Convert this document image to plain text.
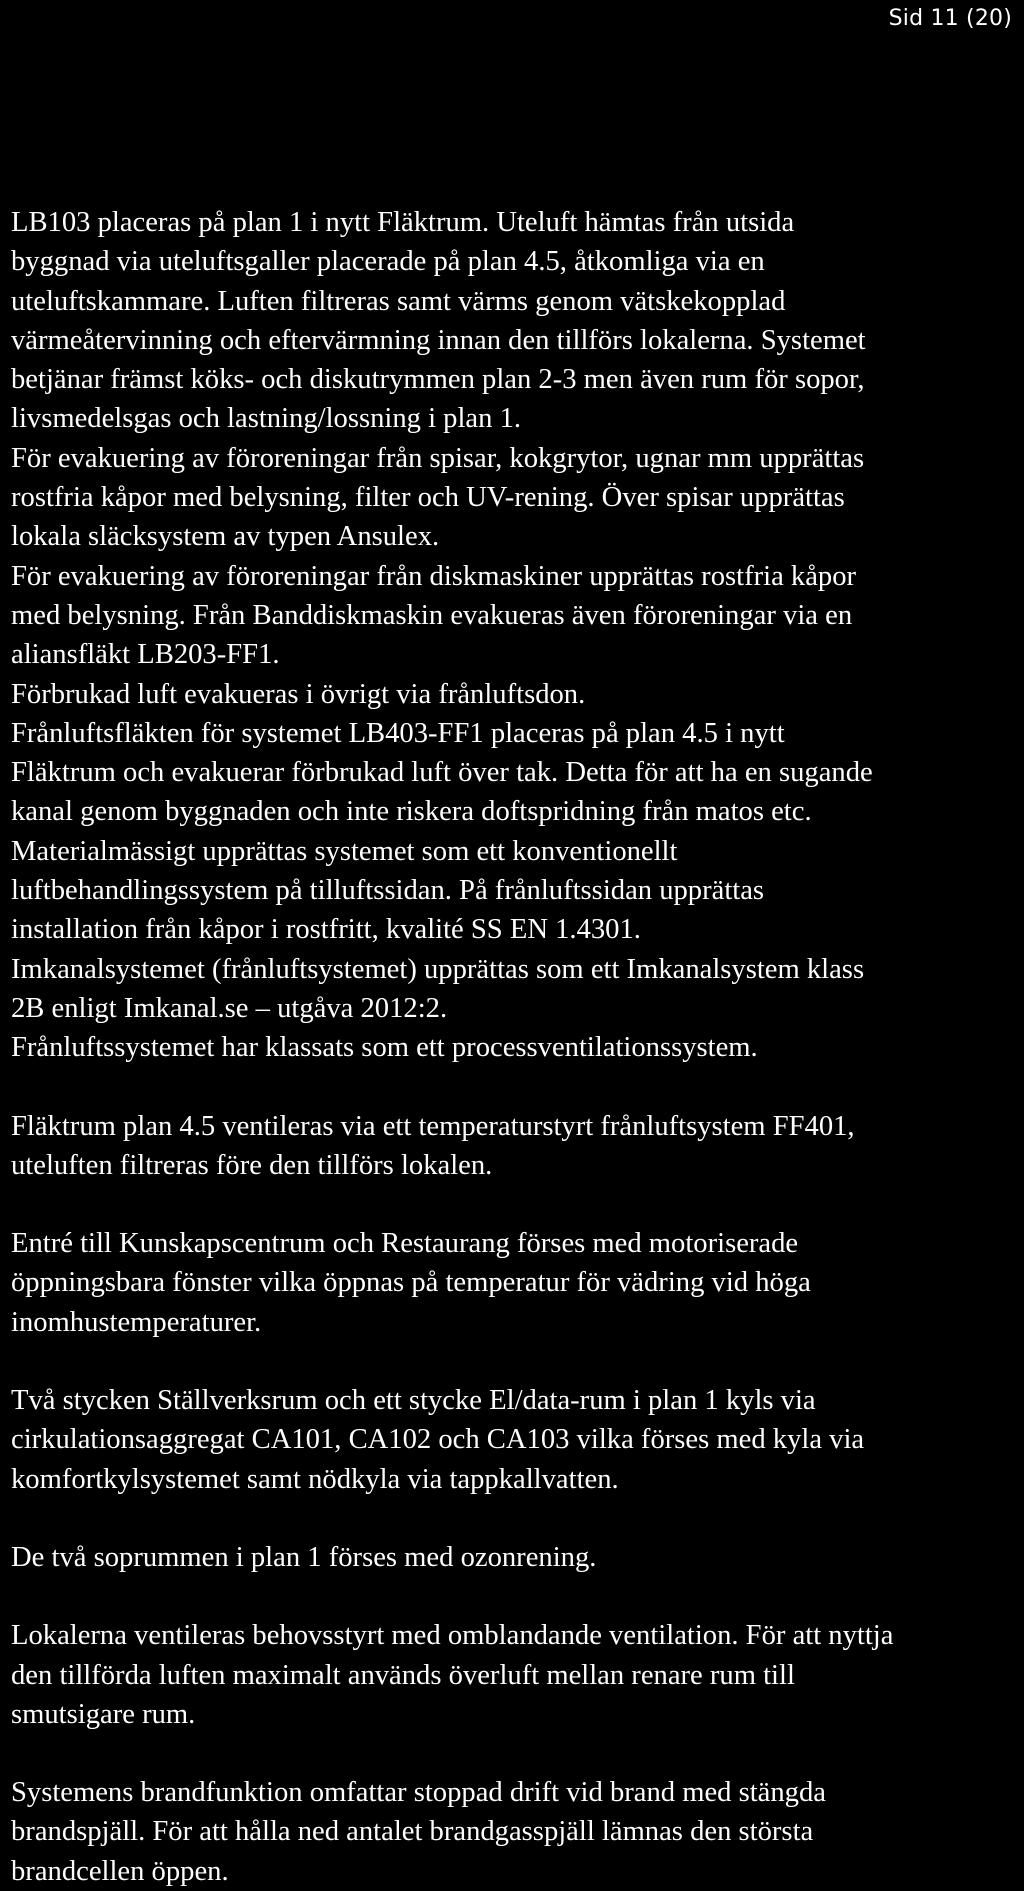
Sid 11 (20)
LB103 placeras på plan 1 i nytt Fläktrum. Uteluft hämtas från utsida
byggnad via uteluftsgaller placerade på plan 4.5, åtkomliga via en
uteluftskammare. Luften filtreras samt värms genom vätskekopplad
värmeåtervinning och eftervärmning innan den tillförs lokalerna. Systemet
betjänar främst köks- och diskutrymmen plan 2-3 men även rum för sopor,
livsmedelsgas och lastning/lossning i plan 1.
För evakuering av föroreningar från spisar, kokgrytor, ugnar mm upprättas
rostfria kåpor med belysning, filter och UV-rening. Över spisar upprättas
lokala släcksystem av typen Ansulex.
För evakuering av föroreningar från diskmaskiner upprättas rostfria kåpor
med belysning. Från Banddiskmaskin evakueras även föroreningar via en
aliansfläkt LB203-FF1.
Förbrukad luft evakueras i övrigt via frånluftsdon.
Frånluftsfläkten för systemet LB403-FF1 placeras på plan 4.5 i nytt
Fläktrum och evakuerar förbrukad luft över tak. Detta för att ha en sugande
kanal genom byggnaden och inte riskera doftspridning från matos etc.
Materialmässigt upprättas systemet som ett konventionellt
luftbehandlingssystem på tilluftssidan. På frånluftssidan upprättas
installation från kåpor i rostfritt, kvalité SS EN 1.4301.
Imkanalsystemet (frånluftsystemet) upprättas som ett Imkanalsystem klass
2B enligt Imkanal.se – utgåva 2012:2.
Frånluftssystemet har klassats som ett processventilationssystem.
Fläktrum plan 4.5 ventileras via ett temperaturstyrt frånluftsystem FF401,
uteluften filtreras före den tillförs lokalen.
Entré till Kunskapscentrum och Restaurang förses med motoriserade
öppningsbara fönster vilka öppnas på temperatur för vädring vid höga
inomhustemperaturer.
Två stycken Ställverksrum och ett stycke El/data-rum i plan 1 kyls via
cirkulationsaggregat CA101, CA102 och CA103 vilka förses med kyla via
komfortkylsystemet samt nödkyla via tappkallvatten.
De två soprummen i plan 1 förses med ozonrening.
Lokalerna ventileras behovsstyrt med omblandande ventilation. För att nyttja
den tillförda luften maximalt används överluft mellan renare rum till
smutsigare rum.
Systemens brandfunktion omfattar stoppad drift vid brand med stängda
brandspjäll. För att hålla ned antalet brandgasspjäll lämnas den största
brandcellen öppen.
